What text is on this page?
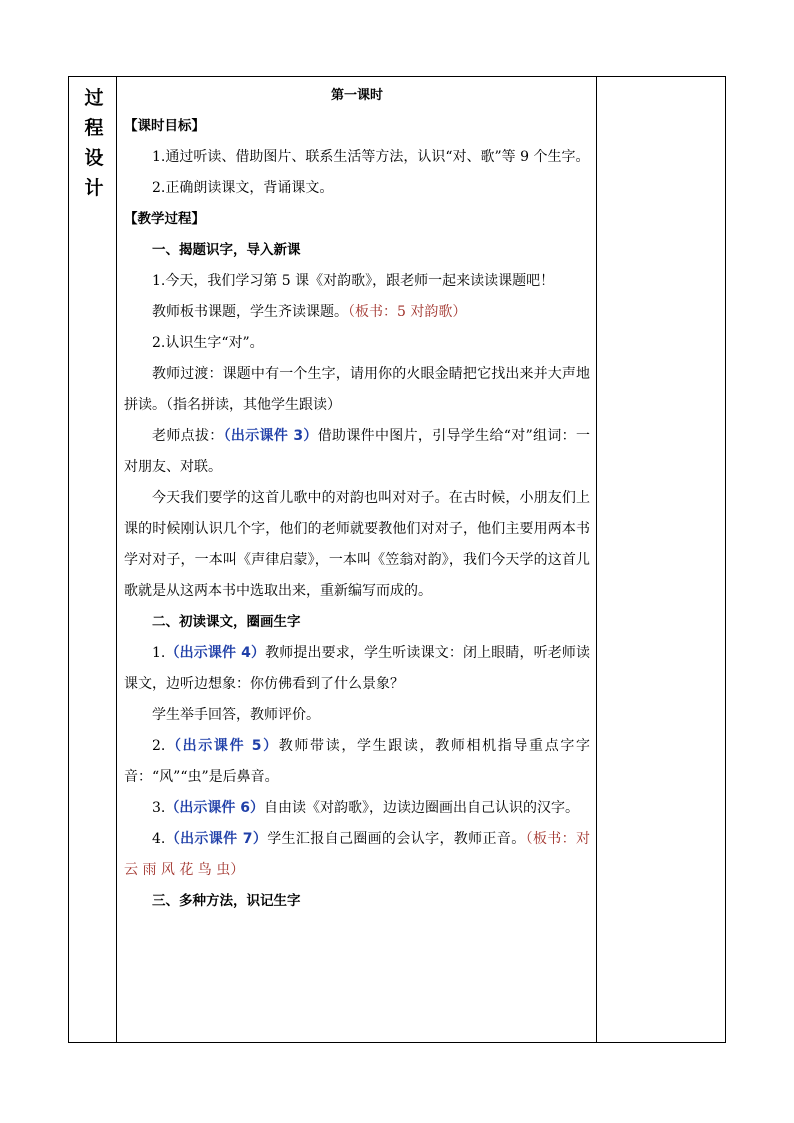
过
程
设
计
第一课时
【课时目标】
1.通过听读、借助图片、联系生活等方法，认识“对、歌”等 9 个生字。
2.正确朗读课文，背诵课文。
【教学过程】
一、揭题识字，导入新课
1.今天，我们学习第 5 课《对韵歌》，跟老师一起来读读课题吧！
教师板书课题，学生齐读课题。（板书：5 对韵歌）
2.认识生字“对”。
教师过渡：课题中有一个生字，请用你的火眼金睛把它找出来并大声地拼读。（指名拼读，其他学生跟读）
老师点拔：（出示课件 3）借助课件中图片，引导学生给“对”组词：一对朋友、对联。
今天我们要学的这首儿歌中的对韵也叫对对子。在古时候，小朋友们上课的时候刚认识几个字，他们的老师就要教他们对对子，他们主要用两本书学对对子，一本叫《声律启蒙》，一本叫《笠翁对韵》，我们今天学的这首儿歌就是从这两本书中选取出来，重新编写而成的。
二、初读课文，圈画生字
1.（出示课件 4）教师提出要求，学生听读课文：闭上眼睛，听老师读课文，边听边想象：你仿佛看到了什么景象？
学生举手回答，教师评价。
2.（出示课件 5）教师带读，学生跟读，教师相机指导重点字字音：“风”“虫”是后鼻音。
3.（出示课件 6）自由读《对韵歌》，边读边圈画出自己认识的汉字。
4.（出示课件 7）学生汇报自己圈画的会认字，教师正音。（板书：对 云 雨 风 花 鸟 虫）
三、多种方法，识记生字
